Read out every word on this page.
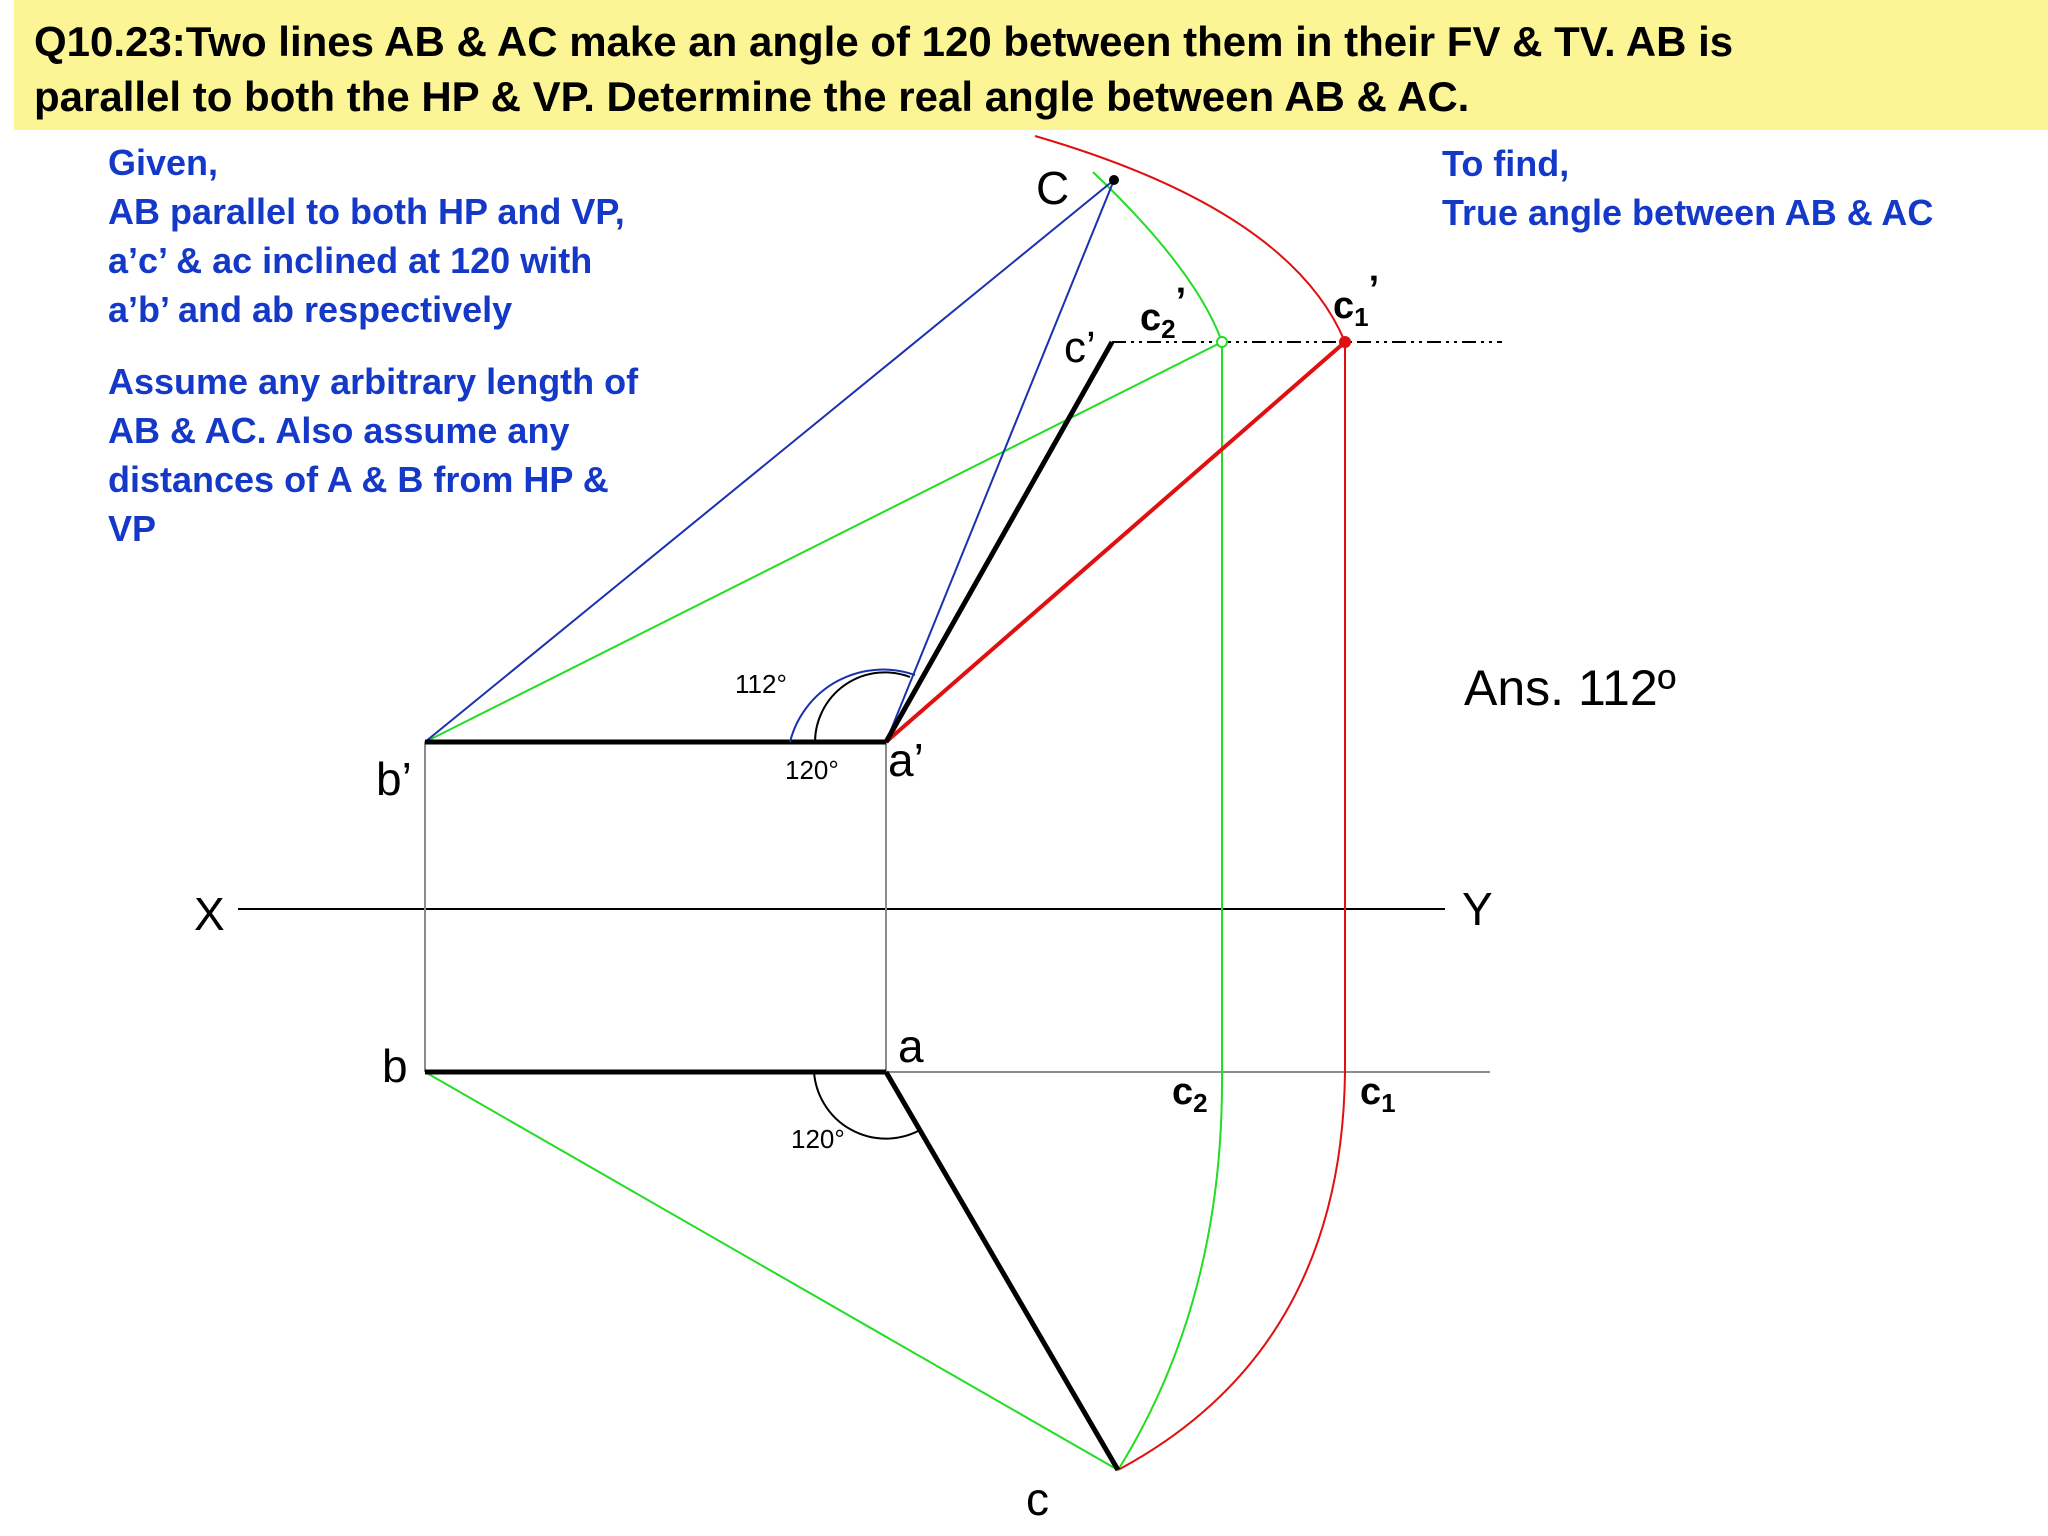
Q10.23:Two lines AB & AC make an angle of 120 between them in their FV & TV. AB is
parallel to both the HP & VP. Determine the real angle between AB & AC.
Given,
AB parallel to both HP and VP,
a’c’ & ac inclined at 120 with
a’b’ and ab respectively
Assume any arbitrary length of
AB & AC. Also assume any
distances of A & B from HP &
VP
To find,
True angle between AB & AC
X	Y
b’	a’
c’
C
b	a
c
$c_2$’	$c_1$’
$c_2$	$c_1$
112°
120°
120°
Ans. 112º
